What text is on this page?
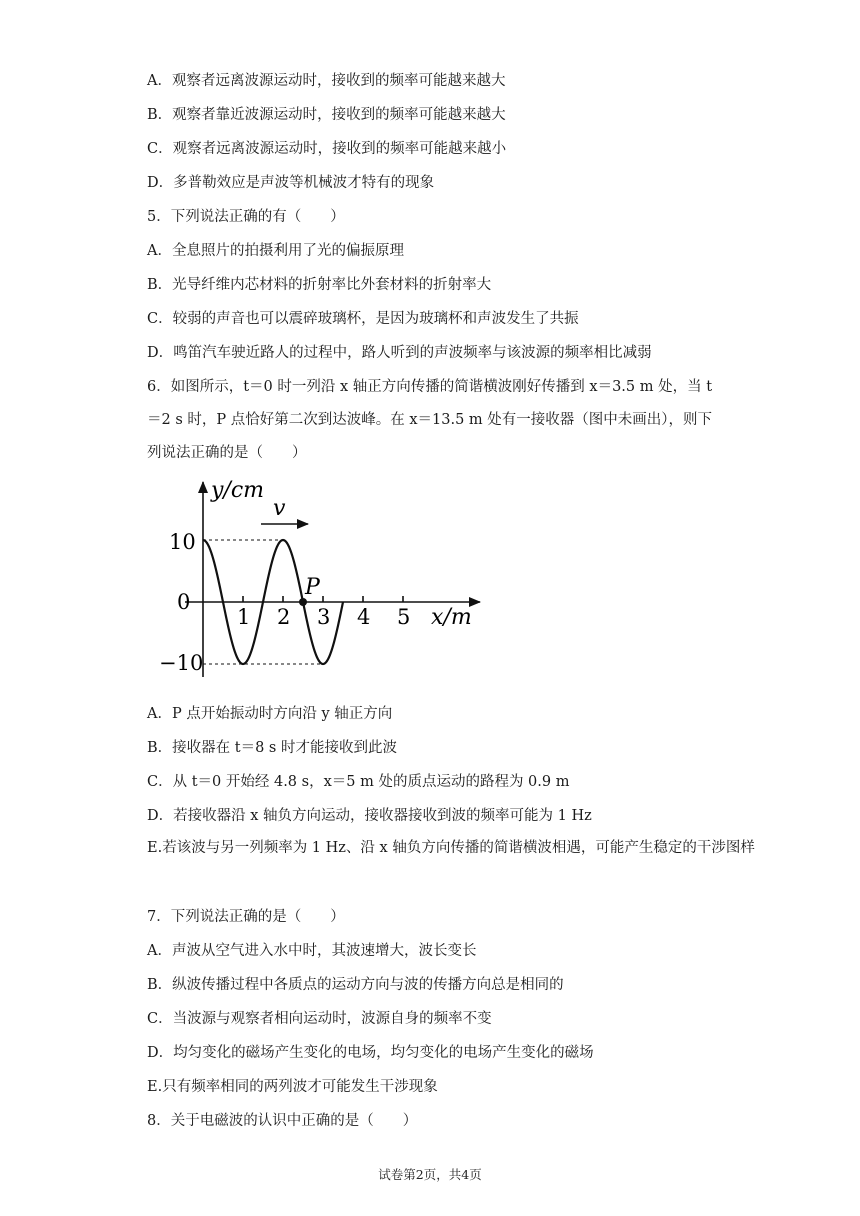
A．观察者远离波源运动时，接收到的频率可能越来越大
B．观察者靠近波源运动时，接收到的频率可能越来越大
C．观察者远离波源运动时，接收到的频率可能越来越小
D．多普勒效应是声波等机械波才特有的现象
5．下列说法正确的有（　　）
A．全息照片的拍摄利用了光的偏振原理
B．光导纤维内芯材料的折射率比外套材料的折射率大
C．较弱的声音也可以震碎玻璃杯，是因为玻璃杯和声波发生了共振
D．鸣笛汽车驶近路人的过程中，路人听到的声波频率与该波源的频率相比减弱
6．如图所示，t＝0 时一列沿 x 轴正方向传播的简谐横波刚好传播到 x＝3.5 m 处，当 t
＝2 s 时，P 点恰好第二次到达波峰。在 x＝13.5 m 处有一接收器（图中未画出），则下
列说法正确的是（　　）
P
v
y/cm
x/m
0
10
−10
1 2 3 4 5
A．P 点开始振动时方向沿 y 轴正方向
B．接收器在 t＝8 s 时才能接收到此波
C．从 t＝0 开始经 4.8 s，x＝5 m 处的质点运动的路程为 0.9 m
D．若接收器沿 x 轴负方向运动，接收器接收到波的频率可能为 1 Hz
E.若该波与另一列频率为 1 Hz、沿 x 轴负方向传播的简谐横波相遇，可能产生稳定的干涉图样
7．下列说法正确的是（　　）
A．声波从空气进入水中时，其波速增大，波长变长
B．纵波传播过程中各质点的运动方向与波的传播方向总是相同的
C．当波源与观察者相向运动时，波源自身的频率不变
D．均匀变化的磁场产生变化的电场，均匀变化的电场产生变化的磁场
E.只有频率相同的两列波才可能发生干涉现象
8．关于电磁波的认识中正确的是（　　）
试卷第2页，共4页
